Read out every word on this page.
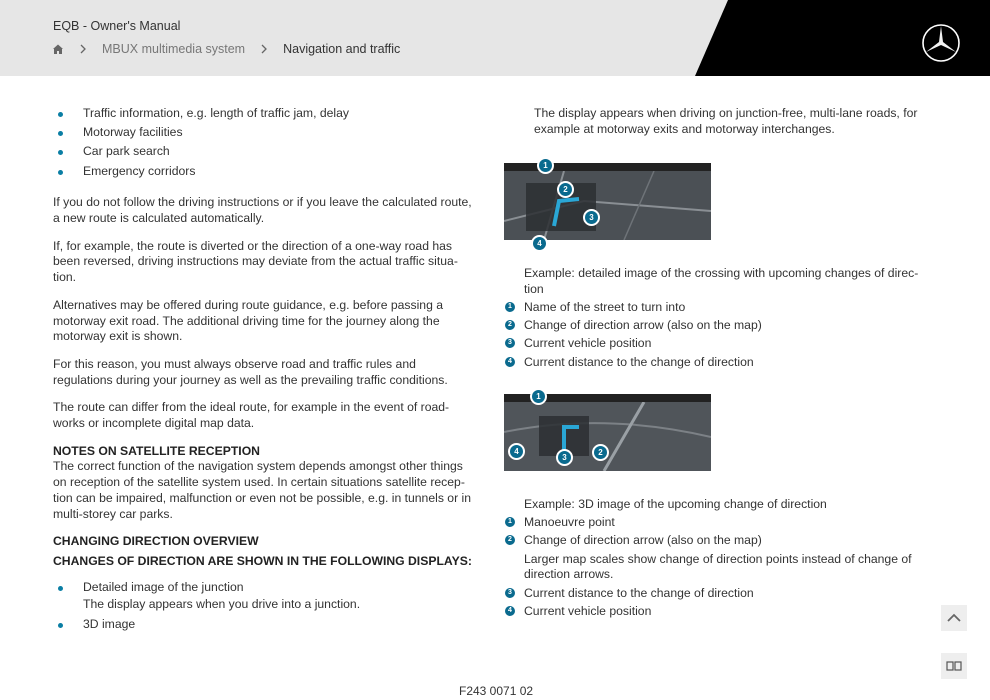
EQB - Owner's Manual
MBUX multimedia system	Navigation and traffic
Traffic information, e.g. length of traffic jam, delay
Motorway facilities
Car park search
Emergency corridors

If you do not follow the driving instructions or if you leave the calculated route, a new route is calculated automatically.

If, for example, the route is diverted or the direction of a one-way road has been reversed, driving instructions may deviate from the actual traffic situation.

Alternatives may be offered during route guidance, e.g. before passing a motorway exit road. The additional driving time for the journey along the motorway exit is shown.

For this reason, you must always observe road and traffic rules and regulations during your journey as well as the prevailing traffic conditions.

The route can differ from the ideal route, for example in the event of roadworks or incomplete digital map data.

NOTES ON SATELLITE RECEPTION

The correct function of the navigation system depends amongst other things on reception of the satellite system used. In certain situations satellite reception can be impaired, malfunction or even not be possible, e.g. in tunnels or in multi-storey car parks.

CHANGING DIRECTION OVERVIEW

CHANGES OF DIRECTION ARE SHOWN IN THE FOLLOWING DISPLAYS:

Detailed image of the junction

The display appears when you drive into a junction.

3D image

The display appears when driving on junction-free, multi-lane roads, for example at motorway exits and motorway interchanges.

1
2
3
4

Example: detailed image of the crossing with upcoming changes of direction

1 Name of the street to turn into
2 Change of direction arrow (also on the map)
3 Current vehicle position
4 Current distance to the change of direction
1
2
3
4

Example: 3D image of the upcoming change of direction

1 Manoeuvre point
2 Change of direction arrow (also on the map)

Larger map scales show change of direction points instead of change of direction arrows.

3 Current distance to the change of direction
4 Current vehicle position
F243 0071 02
